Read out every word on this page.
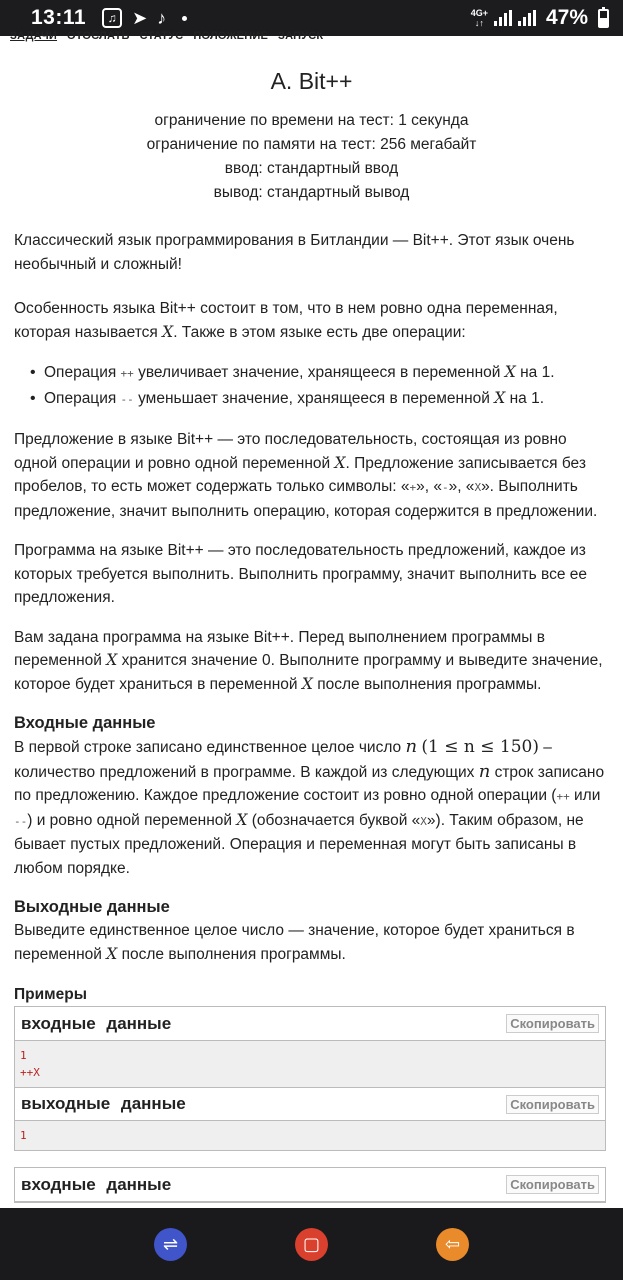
13:11	♫ ➤ ♪	4G+
↓↑	47%
ЗАДАЧИ ОТОСЛАТЬ СТАТУС ПОЛОЖЕНИЕ ЗАПУСК
A. Bit++
ограничение по времени на тест: 1 секунда
ограничение по памяти на тест: 256 мегабайт
ввод: стандартный ввод
вывод: стандартный вывод
Классический язык программирования в Битландии — Bit++. Этот язык очень необычный и сложный!
Особенность языка Bit++ состоит в том, что в нем ровно одна переменная, которая называется X. Также в этом языке есть две операции:
• Операция ++ увеличивает значение, хранящееся в переменной X на 1.
• Операция -- уменьшает значение, хранящееся в переменной X на 1.
Предложение в языке Bit++ — это последовательность, состоящая из ровно одной операции и ровно одной переменной X. Предложение записывается без пробелов, то есть может содержать только символы: «+», «-», «X». Выполнить предложение, значит выполнить операцию, которая содержится в предложении.
Программа на языке Bit++ — это последовательность предложений, каждое из которых требуется выполнить. Выполнить программу, значит выполнить все ее предложения.
Вам задана программа на языке Bit++. Перед выполнением программы в переменной X хранится значение 0. Выполните программу и выведите значение, которое будет храниться в переменной X после выполнения программы.
Входные данные
В первой строке записано единственное целое число n (1 ≤ n ≤ 150) – количество предложений в программе. В каждой из следующих n строк записано по предложению. Каждое предложение состоит из ровно одной операции (++ или --) и ровно одной переменной X (обозначается буквой «X»). Таким образом, не бывает пустых предложений. Операция и переменная могут быть записаны в любом порядке.
Выходные данные
Выведите единственное целое число — значение, которое будет храниться в переменной X после выполнения программы.
Примеры
входные данные	Скопировать
1
++X
выходные данные	Скопировать
1
входные данные	Скопировать
⇌	▢	⇦
